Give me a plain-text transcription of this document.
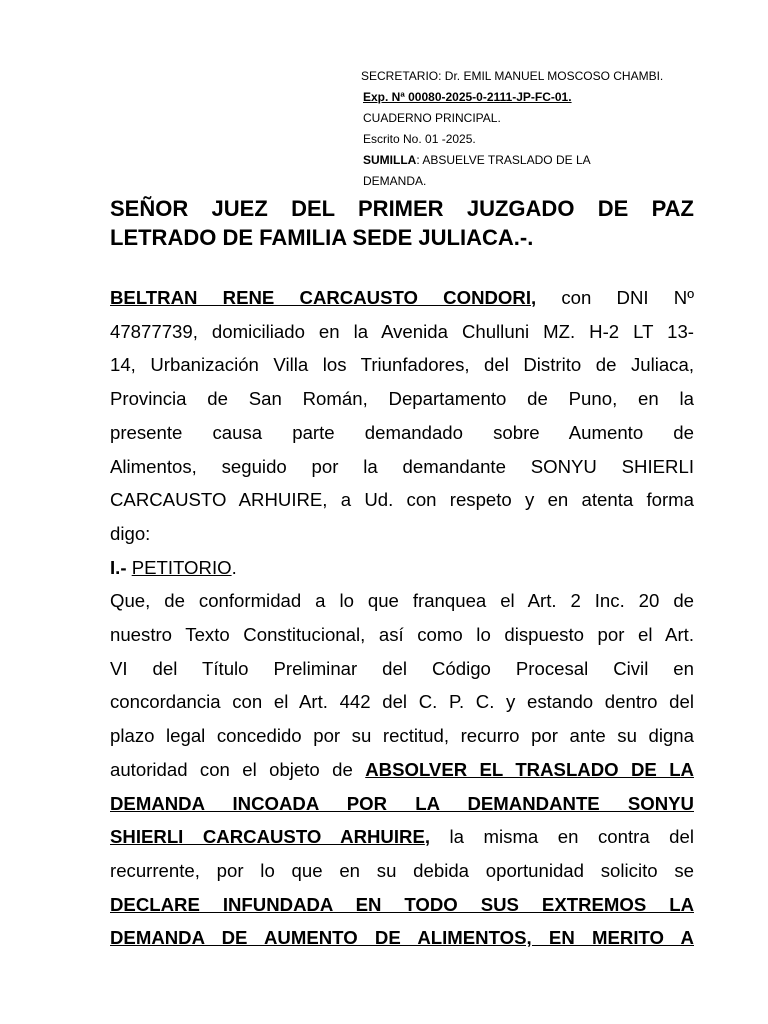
SECRETARIO: Dr. EMIL MANUEL MOSCOSO CHAMBI.
Exp. Nª 00080-2025-0-2111-JP-FC-01.
CUADERNO PRINCIPAL.
Escrito No. 01 -2025.
SUMILLA: ABSUELVE TRASLADO DE LA
DEMANDA.
SEÑOR JUEZ DEL PRIMER JUZGADO DE PAZ
LETRADO DE FAMILIA SEDE JULIACA.-.

BELTRAN RENE CARCAUSTO CONDORI, con DNI Nº
47877739, domiciliado en la Avenida Chulluni MZ. H-2 LT 13-
14, Urbanización Villa los Triunfadores, del Distrito de Juliaca,
Provincia de San Román, Departamento de Puno, en la
presente causa parte demandado sobre Aumento de
Alimentos, seguido por la demandante SONYU SHIERLI
CARCAUSTO ARHUIRE, a Ud. con respeto y en atenta forma
digo:

I.- PETITORIO.

Que, de conformidad a lo que franquea el Art. 2 Inc. 20 de
nuestro Texto Constitucional, así como lo dispuesto por el Art.
VI del Título Preliminar del Código Procesal Civil en
concordancia con el Art. 442 del C. P. C. y estando dentro del
plazo legal concedido por su rectitud, recurro por ante su digna
autoridad con el objeto de ABSOLVER EL TRASLADO DE LA
DEMANDA INCOADA POR LA DEMANDANTE SONYU
SHIERLI CARCAUSTO ARHUIRE, la misma en contra del
recurrente, por lo que en su debida oportunidad solicito se
DECLARE INFUNDADA EN TODO SUS EXTREMOS LA
DEMANDA DE AUMENTO DE ALIMENTOS, EN MERITO A
